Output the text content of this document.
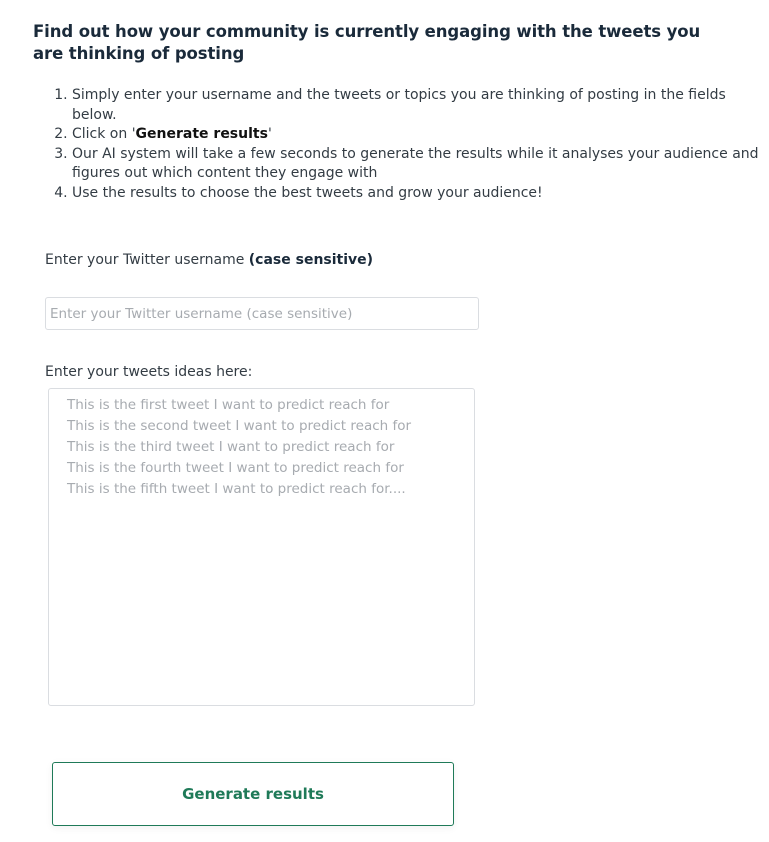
Find out how your community is currently engaging with the tweets you are thinking of posting
1. Simply enter your username and the tweets or topics you are thinking of posting in the fields below.
2. Click on 'Generate results'
3. Our AI system will take a few seconds to generate the results while it analyses your audience and figures out which content they engage with
4. Use the results to choose the best tweets and grow your audience!
Enter your Twitter username (case sensitive)
Enter your Twitter username (case sensitive)
Enter your tweets ideas here:
This is the first tweet I want to predict reach for
This is the second tweet I want to predict reach for
This is the third tweet I want to predict reach for
This is the fourth tweet I want to predict reach for
This is the fifth tweet I want to predict reach for....
Generate results
